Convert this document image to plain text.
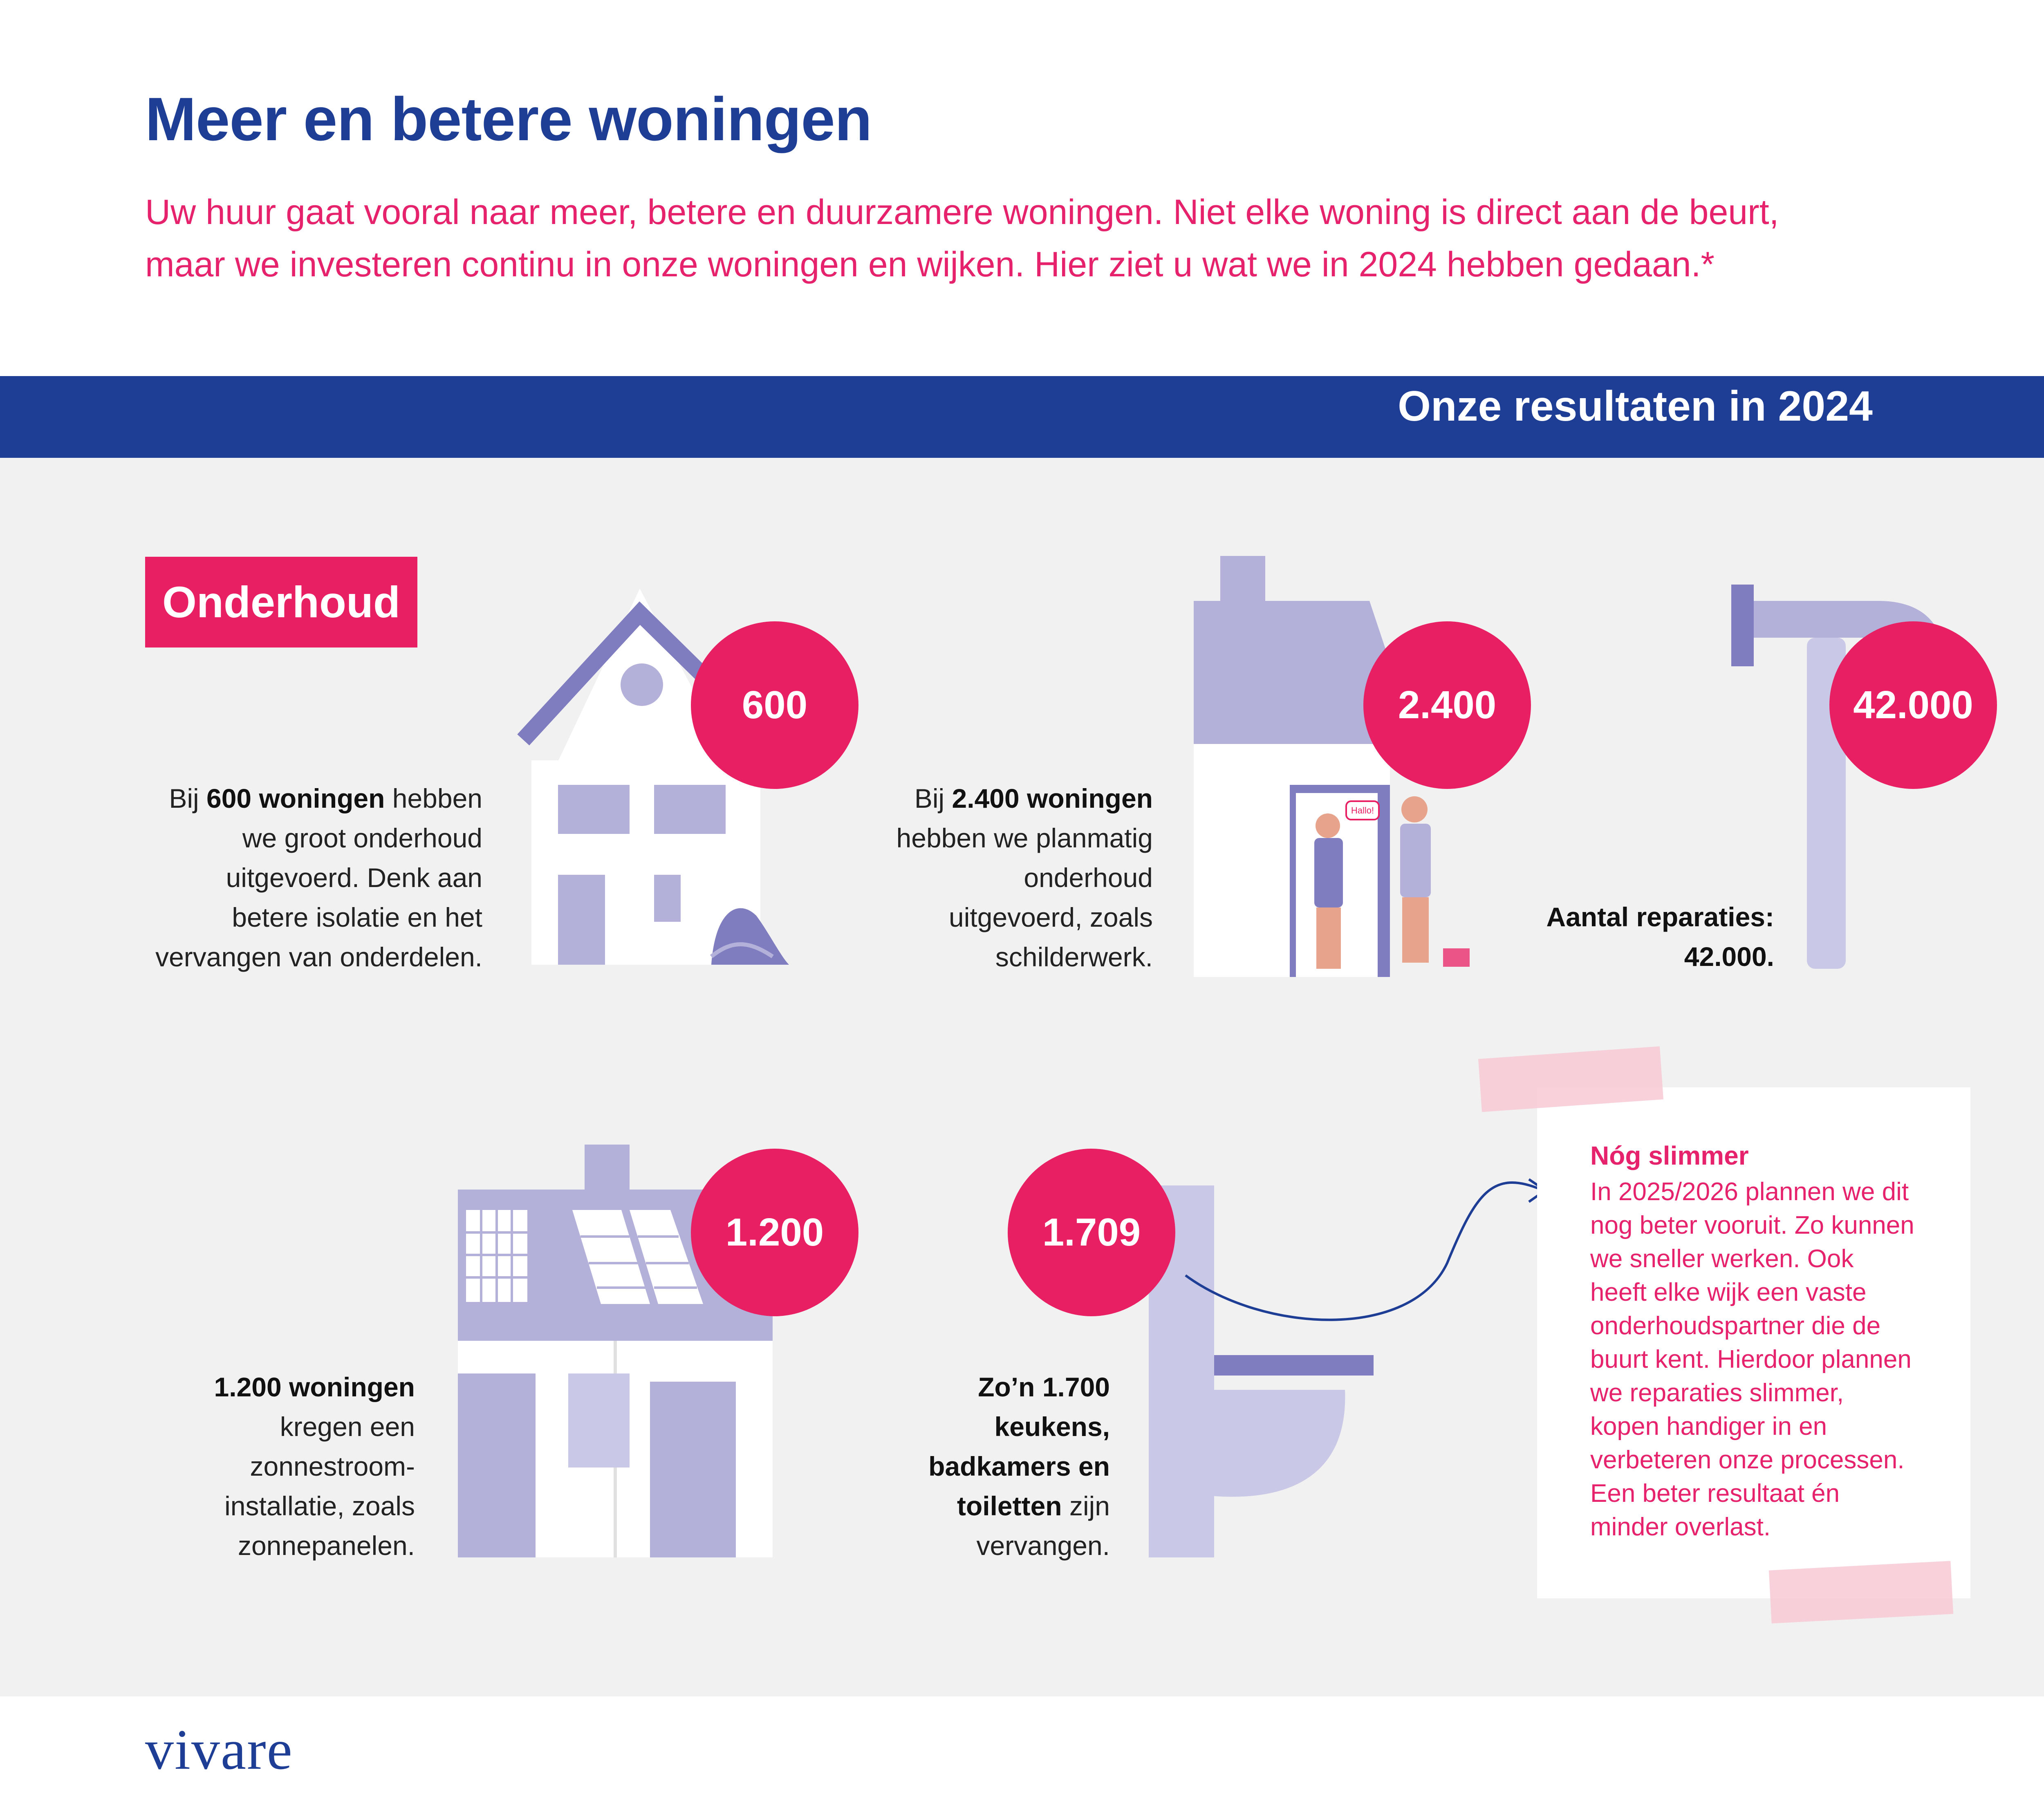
Meer en betere woningen
Uw huur gaat vooral naar meer, betere en duurzamere woningen. Niet elke woning is direct aan de beurt,
maar we investeren continu in onze woningen en wijken. Hier ziet u wat we in 2024 hebben gedaan.*
Onze resultaten in 2024
Onderhoud
600
Bij 600 woningen hebben
we groot onderhoud
uitgevoerd. Denk aan
betere isolatie en het
vervangen van onderdelen.
Hallo!
2.400
Bij 2.400 woningen
hebben we planmatig
onderhoud
uitgevoerd, zoals
schilderwerk.
42.000
Aantal reparaties:
42.000.
1.200
1.200 woningen
kregen een
zonnestroom-
installatie, zoals
zonnepanelen.
1.709
Zo’n 1.700
keukens,
badkamers en
toiletten zijn
vervangen.
Nóg slimmer
In 2025/2026 plannen we dit
nog beter vooruit. Zo kunnen
we sneller werken. Ook
heeft elke wijk een vaste
onderhoudspartner die de
buurt kent. Hierdoor plannen
we reparaties slimmer,
kopen handiger in en
verbeteren onze processen.
Een beter resultaat én
minder overlast.
vivare
